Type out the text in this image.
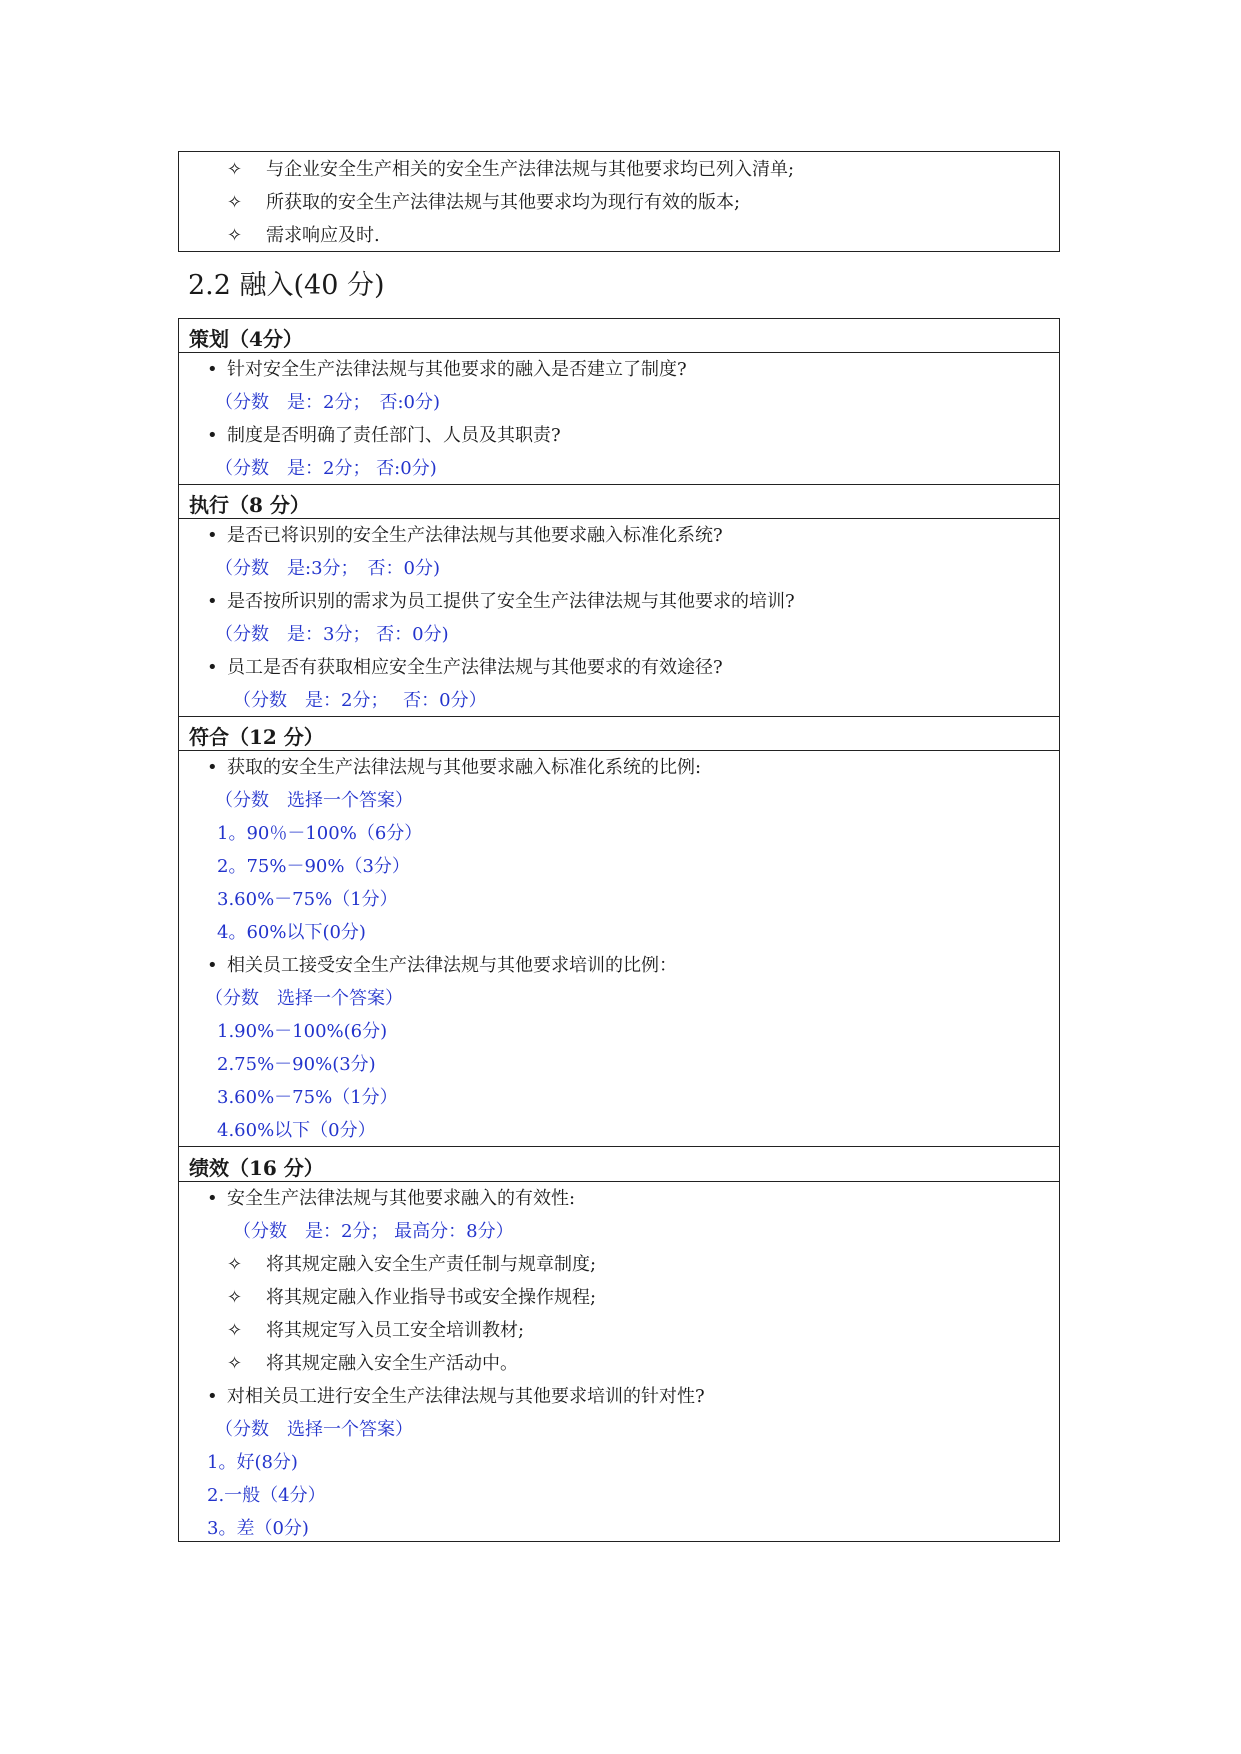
✧ 与企业安全生产相关的安全生产法律法规与其他要求均已列入清单;
✧ 所获取的安全生产法律法规与其他要求均为现行有效的版本;
✧ 需求响应及时.
2.2 融入(40 分)
策划（4分）
• 针对安全生产法律法规与其他要求的融入是否建立了制度?
（分数　是：2分；　否:0分)
• 制度是否明确了责任部门、人员及其职责?
（分数　是：2分； 否:0分)
执行（8 分）
• 是否已将识别的安全生产法律法规与其他要求融入标准化系统?
（分数　是:3分；　否：0分)
• 是否按所识别的需求为员工提供了安全生产法律法规与其他要求的培训?
（分数　是：3分； 否：0分)
• 员工是否有获取相应安全生产法律法规与其他要求的有效途径?
（分数　是：2分；　 否：0分）
符合（12 分）
• 获取的安全生产法律法规与其他要求融入标准化系统的比例:
（分数　选择一个答案）
1。90％－100%（6分）
2。75%－90%（3分）
3.60%－75%（1分）
4。60%以下(0分)
• 相关员工接受安全生产法律法规与其他要求培训的比例：
（分数　选择一个答案）
1.90%－100%(6分)
2.75%－90%(3分)
3.60%－75%（1分）
4.60%以下（0分）
绩效（16 分）
• 安全生产法律法规与其他要求融入的有效性:
（分数　是：2分； 最高分：8分）
✧ 将其规定融入安全生产责任制与规章制度;
✧ 将其规定融入作业指导书或安全操作规程;
✧ 将其规定写入员工安全培训教材;
✧ 将其规定融入安全生产活动中。
• 对相关员工进行安全生产法律法规与其他要求培训的针对性?
（分数　选择一个答案）
1。好(8分)
2.一般（4分）
3。差（0分)
